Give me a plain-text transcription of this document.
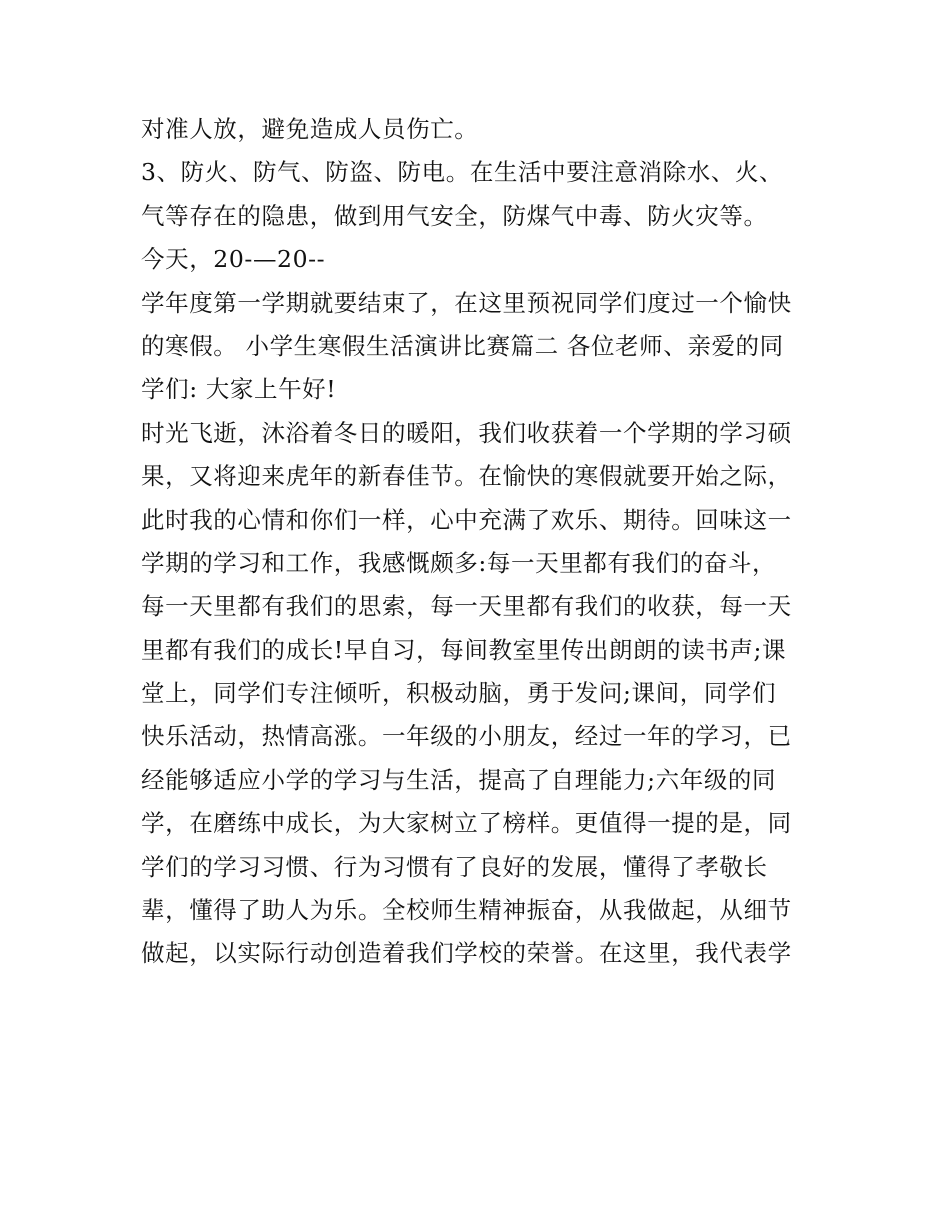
对准人放，避免造成人员伤亡。
3、防火、防气、防盗、防电。在生活中要注意消除水、火、
气等存在的隐患，做到用气安全，防煤气中毒、防火灾等。
今天，20-—20--
学年度第一学期就要结束了，在这里预祝同学们度过一个愉快
的寒假。 小学生寒假生活演讲比赛篇二 各位老师、亲爱的同
学们: 大家上午好!
时光飞逝，沐浴着冬日的暖阳，我们收获着一个学期的学习硕
果，又将迎来虎年的新春佳节。在愉快的寒假就要开始之际，
此时我的心情和你们一样，心中充满了欢乐、期待。回味这一
学期的学习和工作，我感慨颇多:每一天里都有我们的奋斗，
每一天里都有我们的思索，每一天里都有我们的收获，每一天
里都有我们的成长!早自习，每间教室里传出朗朗的读书声;课
堂上，同学们专注倾听，积极动脑，勇于发问;课间，同学们
快乐活动，热情高涨。一年级的小朋友，经过一年的学习，已
经能够适应小学的学习与生活，提高了自理能力;六年级的同
学，在磨练中成长，为大家树立了榜样。更值得一提的是，同
学们的学习习惯、行为习惯有了良好的发展，懂得了孝敬长
辈，懂得了助人为乐。全校师生精神振奋，从我做起，从细节
做起，以实际行动创造着我们学校的荣誉。在这里，我代表学
